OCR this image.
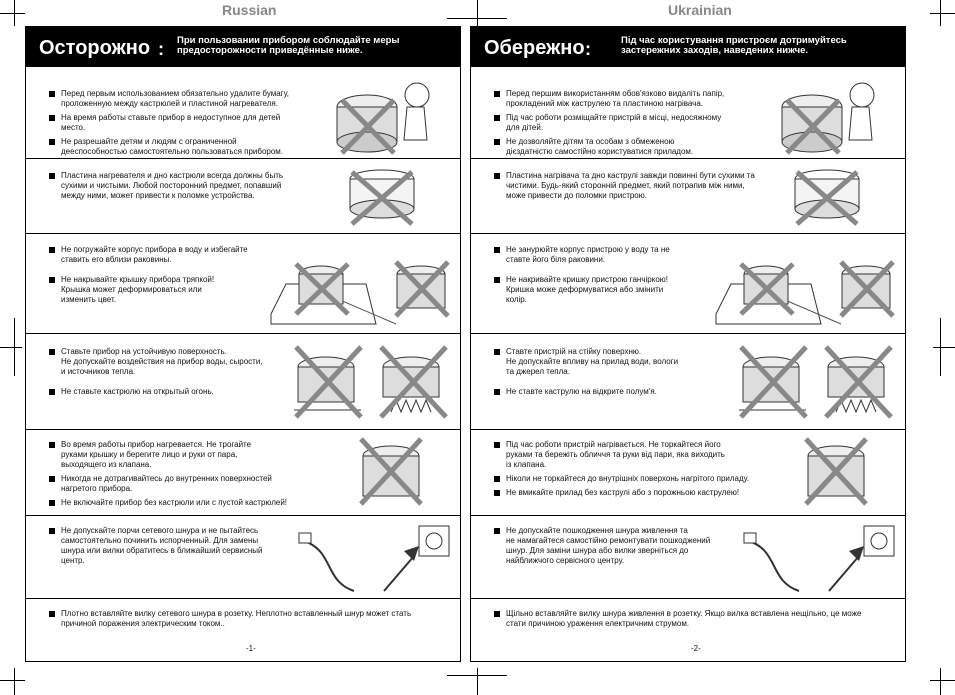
Russian	Ukrainian
Осторожно : При пользовании прибором соблюдайте меры
предосторожности приведённые ниже.
Перед первым использованием обязательно удалите бумагу,
проложенную между кастрюлей и пластиной нагревателя.
На время работы ставьте прибор в недоступное для детей
место.
Не разрешайте детям и людям с ограниченной
дееспособностью самостоятельно пользоваться прибором.
Пластина нагревателя и дно кастрюли всегда должны быть
сухими и чистыми. Любой посторонний предмет, попавший
между ними, может привести к поломке устройства.
Не погружайте корпус прибора в воду и избегайте
ставить его вблизи раковины.
Не накрывайте крышку прибора тряпкой!
Крышка может деформироваться или
изменить цвет.
Ставьте прибор на устойчивую поверхность.
Не допускайте воздействия на прибор воды, сырости,
и источников тепла.
Не ставьте кастрюлю на открытый огонь.
Во время работы прибор нагревается. Не трогайте
руками крышку и берегите лицо и руки от пара,
выходящего из клапана.
Никогда не дотрагивайтесь до внутренних поверхностей
нагретого прибора.
Не включайте прибор без кастрюли или с пустой кастрюлей!
Не допускайте порчи сетевого шнура и не пытайтесь
самостоятельно починить испорченный. Для замены
шнура или вилки обратитесь в ближайший сервисный
центр.
Плотно вставляйте вилку сетевого шнура в розетку. Неплотно вставленный шнур может стать
причиной поражения электрическим током..
-1-
Обережно :	Під час користування пристроєм дотримуйтесь
застережних заходів, наведених нижче.
Перед першим використанням обов'язково видаліть папір,
прокладений між каструлею та пластиною нагрівача.
Під час роботи розміщайте пристрій в місці, недосяжному
для дітей.
Не дозволяйте дітям та особам з обмеженою
дієздатністю самостійно користуватися приладом.
Пластина нагрівача та дно каструлі завжди повинні бути сухими та
чистими. Будь-який сторонній предмет, який потрапив між ними,
може привести до поломки пристрою.
Не занурюйте корпус пристрою у воду та не
ставте його біля раковини.
Не накривайте кришку пристрою ганчіркою!
Кришка може деформуватися або змінити
колір.
Ставте пристрій на стійку поверхню.
Не допускайте впливу на прилад води, вологи
та джерел тепла.
Не ставте каструлю на відкрите полум'я.
Під час роботи пристрій нагрівається. Не торкайтеся його
руками та бережіть обличчя та руки від пари, яка виходить
із клапана.
Ніколи не торкайтеся до внутрішніх поверхонь нагрітого приладу.
Не вмикайте прилад без каструлі або з порожньою каструлею!
Не допускайте пошкодження шнура живлення та
не намагайтеся самостійно ремонтувати пошкоджений
шнур. Для заміни шнура або вилки зверніться до
найближчого сервісного центру.
Щільно вставляйте вилку шнура живлення в розетку. Якщо вилка вставлена нещільно, це може
стати причиною ураження електричним струмом.
-2-
